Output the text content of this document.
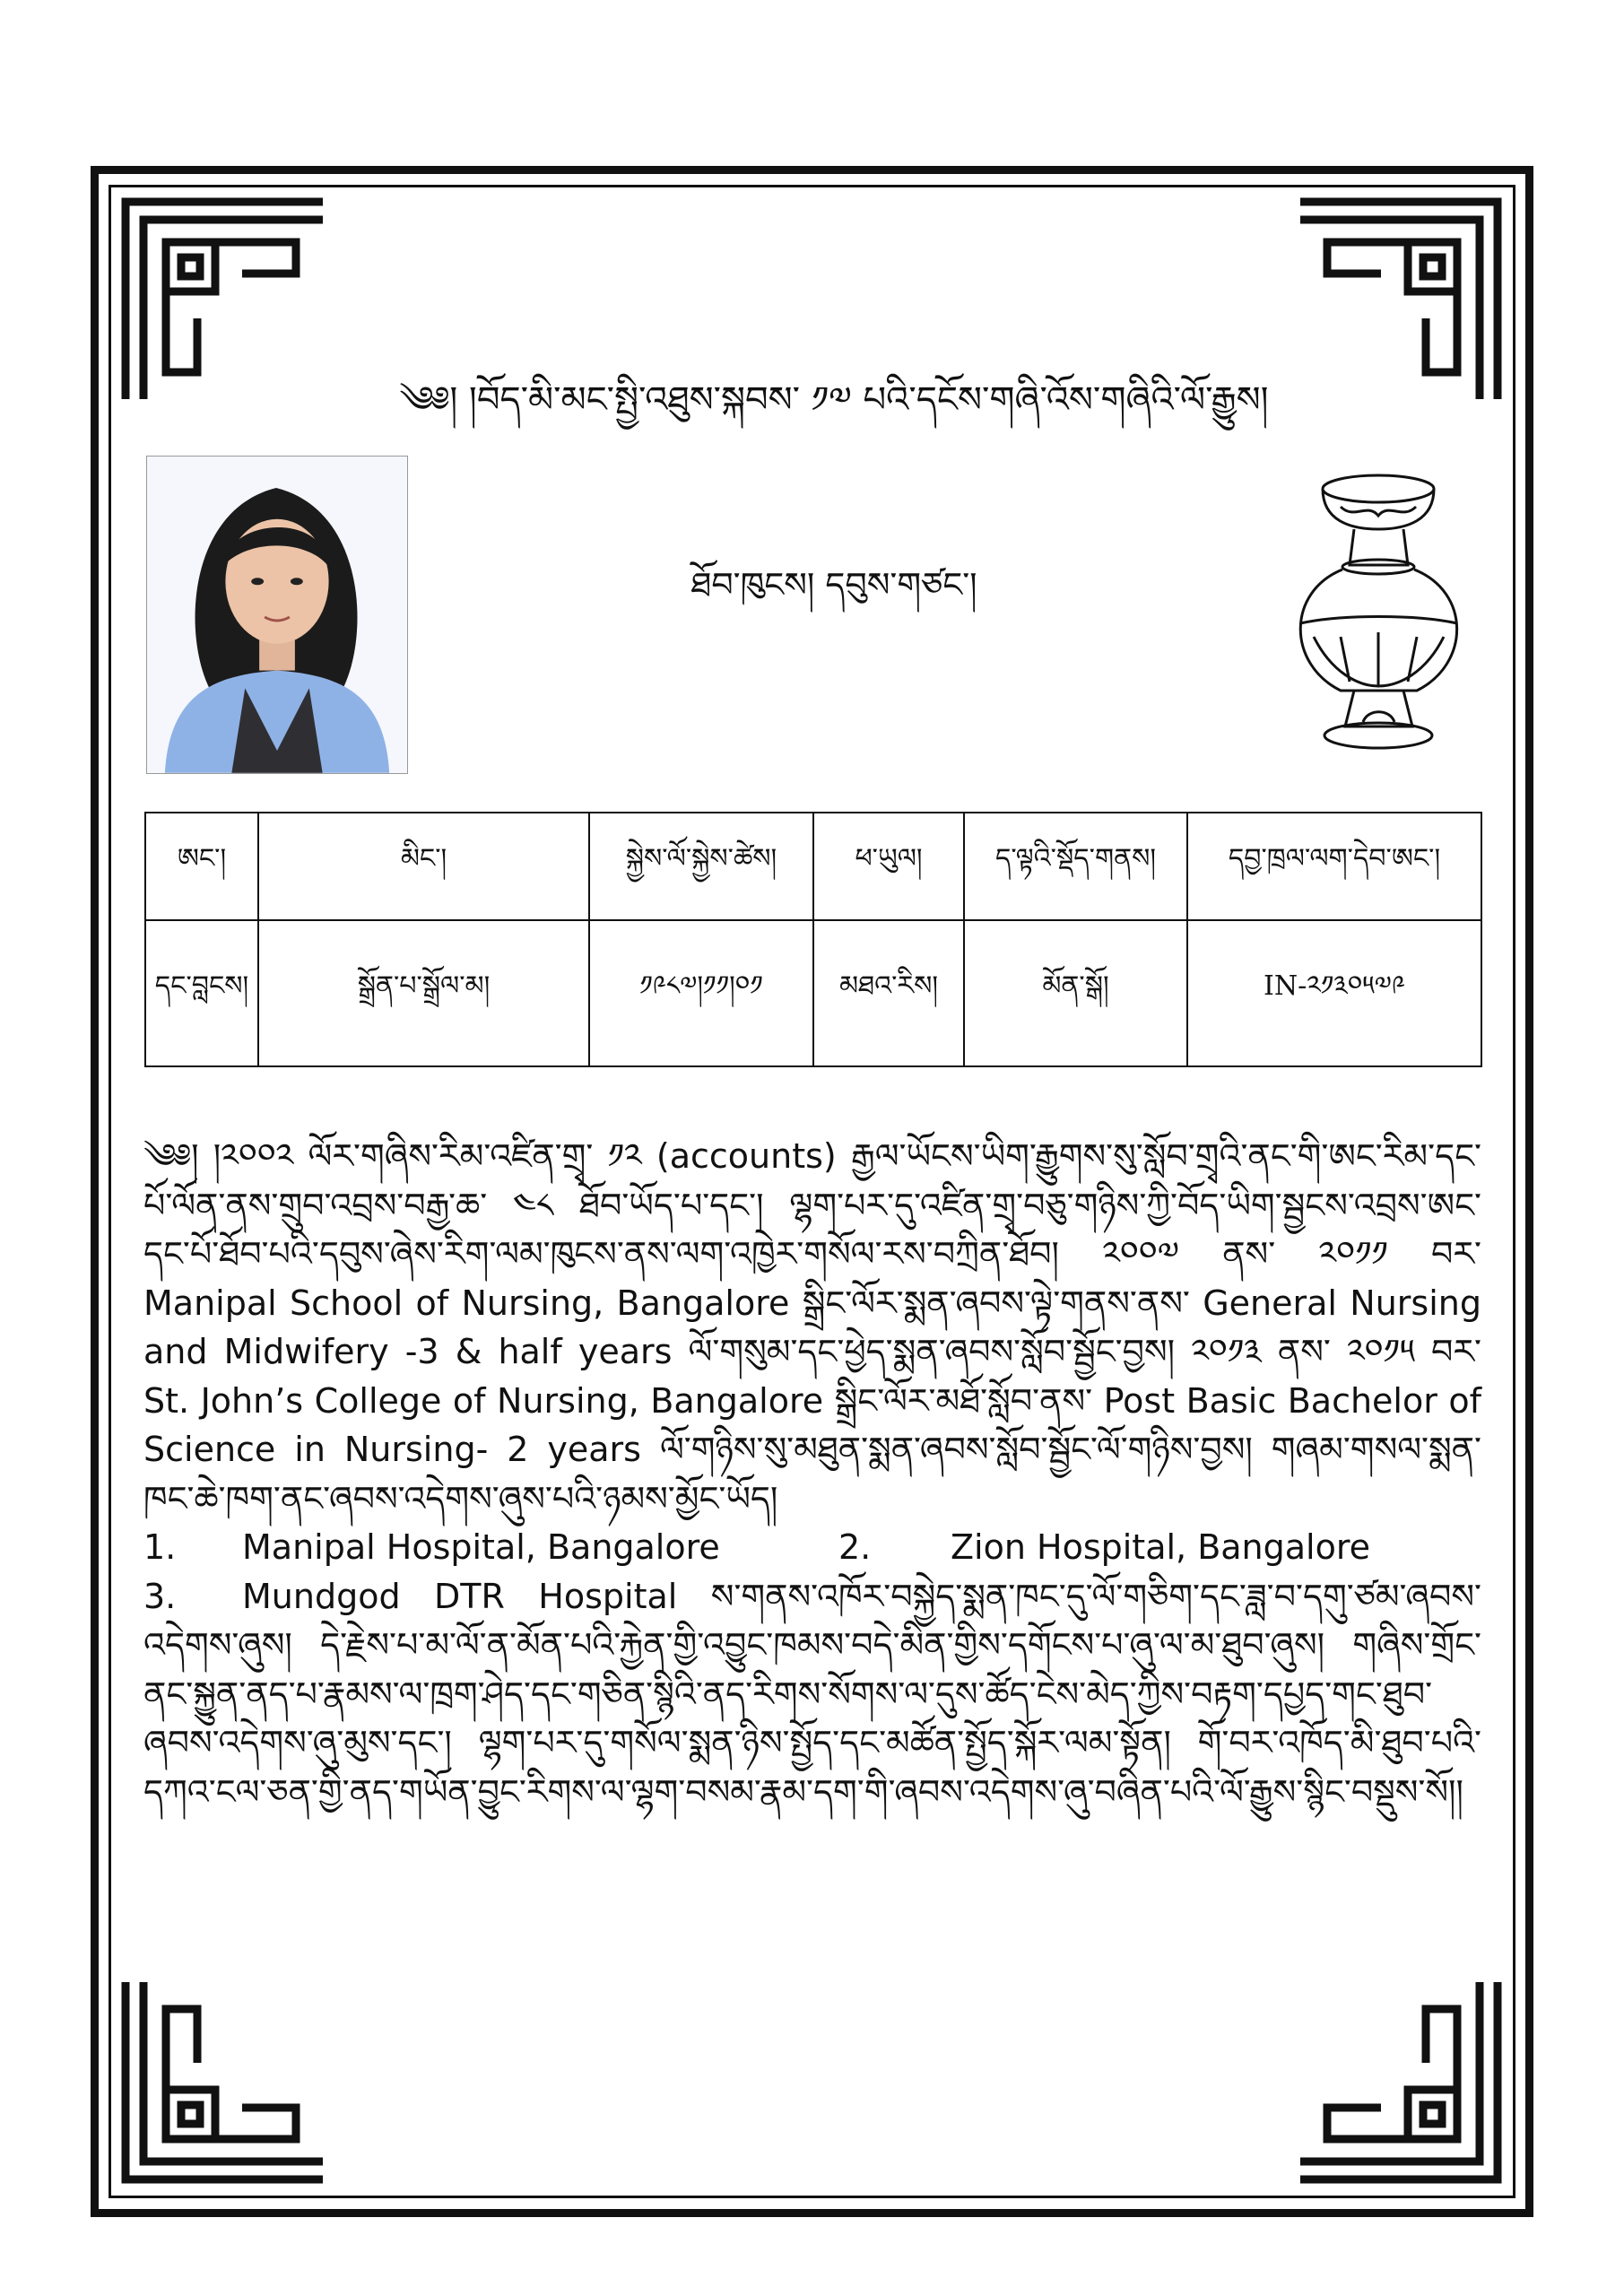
༄༅། །བོད་མི་མང་སྤྱི་འཐུས་སྐབས་ ༡༧ པའི་དངོས་གཞི་འོས་གཞིའི་ལོ་རྒྱུས།
ཐོབ་ཁུངས། དབུས་གཙང་།
ཨང་།	མིང་།	སྐྱེས་ལོ་སྐྱེས་ཚེས།	ཕ་ཡུལ།	ད་ལྟའི་སྡོད་གནས།	དབྱ་ཁྲལ་ལག་དེབ་ཨང་།
དང་བླངས།	སྒྲོན་པ་སྒྲོལ་མ།	༡༩༨༧།༡༡།༠༡	མཐའ་རིས།	མོན་སྒོ།	IN-༢༡༣༠༥༧༩

༄༅། །༢༠༠༢ ལོར་གཞིས་རིམ་འཛིན་གྲྭ་ ༡༢ (accounts) རྒྱལ་ཡོངས་ཡིག་རྒྱུགས་སུ་སློབ་གྲྭའི་ནང་གི་ཨང་རིམ་དང་པོ་ལོན་ནས་གྲུབ་འབྲས་བརྒྱ་ཆ་ ༤༨ ཐོབ་ཡོད་པ་དང་། ལྷག་པར་དུ་འཛིན་གྲྭ་བཅུ་གཉིས་ཀྱི་བོད་ཡིག་སྦྱངས་འབྲས་ཨང་དང་པོ་ཐོབ་པའི་དབུས་ཞེས་རིག་ལམ་ཁུངས་ནས་ལག་འཁྱེར་གསོལ་རས་བཀྲིན་ཐོབ། ༢༠༠༧ ནས་ ༢༠༡༡ བར་ Manipal School of Nursing, Bangalore སྒྲིང་ལོར་སྨན་ཞབས་ལྟེ་གནས་ནས་ General Nursing and Midwifery -3 & half years ལོ་གསུམ་དང་ཕྱེད་སྨན་ཞབས་སློབ་སྦྱོང་བྱས། ༢༠༡༣ ནས་ ༢༠༡༥ བར་ St. John’s College of Nursing, Bangalore སྒྲིང་ལོར་མཐོ་སློབ་ནས་ Post Basic Bachelor of Science in Nursing- 2 years ལོ་གཉིས་སུ་མཐུན་སྨན་ཞབས་སློབ་སྦྱོང་ལོ་གཉིས་བྱས། གཞམ་གསལ་སྨན་ཁང་ཆེ་ཁག་ནང་ཞབས་འདེགས་ཞུས་པའི་ཉམས་མྱོང་ཡོད།

1.	Manipal Hospital, Bangalore	2.	Zion Hospital, Bangalore

3. Mundgod DTR Hospital ས་གནས་འཁོར་བསྐྱེད་སྨན་ཁང་དུ་ལོ་གཅིག་དང་ཟླ་བ་དགུ་ཙམ་ཞབས་འདེགས་ཞུས། དེ་རྗེས་པ་མ་ལོ་ན་མོན་པའི་རྐྱེན་གྱི་འབྱུང་ཁམས་བདེ་མིན་གྱིས་དགོངས་པ་ཞུ་ལ་མ་ཐུབ་ཞུས། གཞིས་གྲོང་ནང་སྐྱུན་ནད་པ་རྣམས་ལ་ཁྲག་ཤེད་དང་གཅིན་སྙིའི་ནད་རིགས་སོགས་ལ་དུས་ཚོད་ངེས་མེད་ཀྱིས་བརྟག་དཔྱད་གང་ཐུབ་ཞབས་འདེགས་ཞུ་མུས་དང་། ལྷག་པར་དུ་གསོལ་སྨན་ཉིས་སྤྱོད་དང་མཚོན་སྤྱོད་སྐོར་ལམ་སྟོན། གོ་བར་འཁོད་མི་ཐུབ་པའི་དཀའ་ངལ་ཅན་གྱི་ནད་གཡོན་བྱུང་རིགས་ལ་ལྷག་བསམ་རྣམ་དག་གི་ཞབས་འདེགས་ཞུ་བཞིན་པའི་ལོ་རྒྱུས་སྙིང་བསྡུས་སོ།།
